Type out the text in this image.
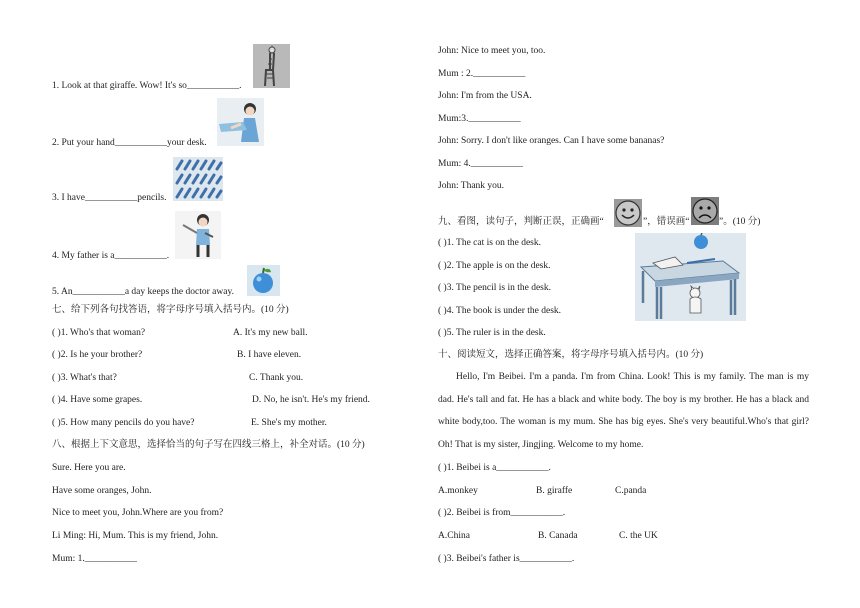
1. Look at that giraffe. Wow! It's so___________.
2. Put your hand___________your desk.
3. I have___________pencils.
4. My father is a___________.
5. An___________a day keeps the doctor away.
七、给下列各句找答语，将字母序号填入括号内。(10 分)
( )1. Who's that woman?	A. It's my new ball.
( )2. Is he your brother?	B. I have eleven.
( )3. What's that?	C. Thank you.
( )4. Have some grapes.	D. No, he isn't. He's my friend.
( )5. How many pencils do you have?	E. She's my mother.
八、根据上下文意思，选择恰当的句子写在四线三格上，补全对话。(10 分)
Sure. Here you are.
Have some oranges, John.
Nice to meet you, John.Where are you from?
Li Ming: Hi, Mum. This is my friend, John.
Mum: 1.___________
John: Nice to meet you, too.
Mum : 2.___________
John: I'm from the USA.
Mum:3.___________
John: Sorry. I don't like oranges. Can I have some bananas?
Mum: 4.___________
John: Thank you.
九、看图，读句子，判断正误，正确画“	”，错误画“	”。(10 分)
( )1. The cat is on the desk.
( )2. The apple is on the desk.
( )3. The pencil is in the desk.
( )4. The book is under the desk.
( )5. The ruler is in the desk.
十、阅读短文，选择正确答案，将字母序号填入括号内。(10 分)
Hello, I'm Beibei. I'm a panda. I'm from China. Look! This is my family. The man is my dad. He's tall and fat. He has a black and white body. The boy is my brother. He has a black and white body,too. The woman is my mum. She has big eyes. She's very beautiful.Who's that girl? Oh! That is my sister, Jingjing. Welcome to my home.
( )1. Beibei is a___________.
A.monkey	B. giraffe	C.panda
( )2. Beibei is from___________.
A.China	B. Canada	C. the UK
( )3. Beibei's father is___________.
